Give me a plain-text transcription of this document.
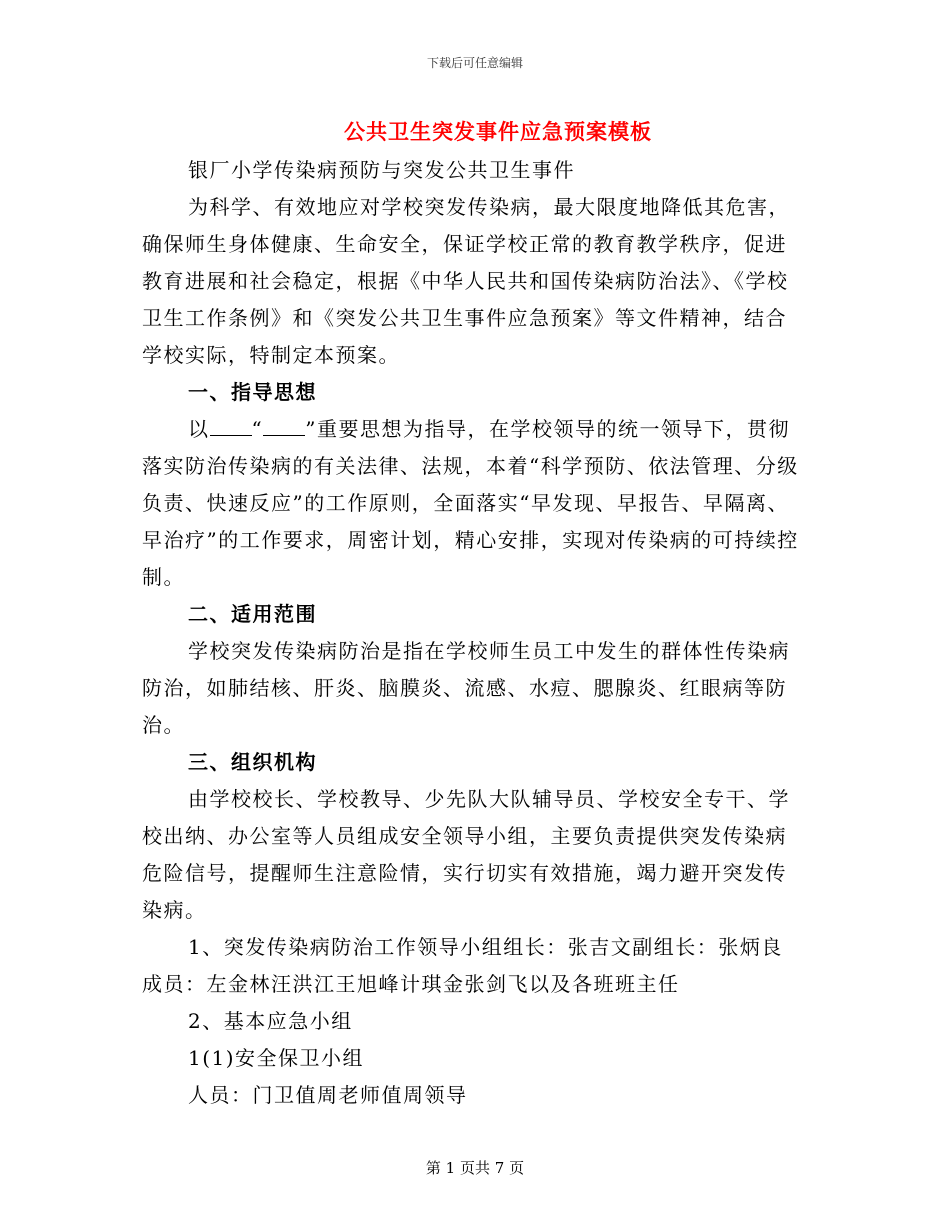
下载后可任意编辑
公共卫生突发事件应急预案模板

银厂小学传染病预防与突发公共卫生事件

为科学、有效地应对学校突发传染病，最大限度地降低其危害，确保师生身体健康、生命安全，保证学校正常的教育教学秩序，促进教育进展和社会稳定，根据《中华人民共和国传染病防治法》、《学校卫生工作条例》和《突发公共卫生事件应急预案》等文件精神，结合学校实际，特制定本预案。

一、指导思想

以 “ ”重要思想为指导，在学校领导的统一领导下，贯彻落实防治传染病的有关法律、法规，本着“科学预防、依法管理、分级负责、快速反应”的工作原则，全面落实“早发现、早报告、早隔离、早治疗”的工作要求，周密计划，精心安排，实现对传染病的可持续控制。

二、适用范围

学校突发传染病防治是指在学校师生员工中发生的群体性传染病防治，如肺结核、肝炎、脑膜炎、流感、水痘、腮腺炎、红眼病等防治。

三、组织机构

由学校校长、学校教导、少先队大队辅导员、学校安全专干、学校出纳、办公室等人员组成安全领导小组，主要负责提供突发传染病危险信号，提醒师生注意险情，实行切实有效措施，竭力避开突发传染病。

1、突发传染病防治工作领导小组组长：张吉文副组长：张炳良

成员：左金林汪洪江王旭峰计琪金张剑飞以及各班班主任

2、基本应急小组

1(1)安全保卫小组

人员：门卫值周老师值周领导

第 1 页共 7 页
